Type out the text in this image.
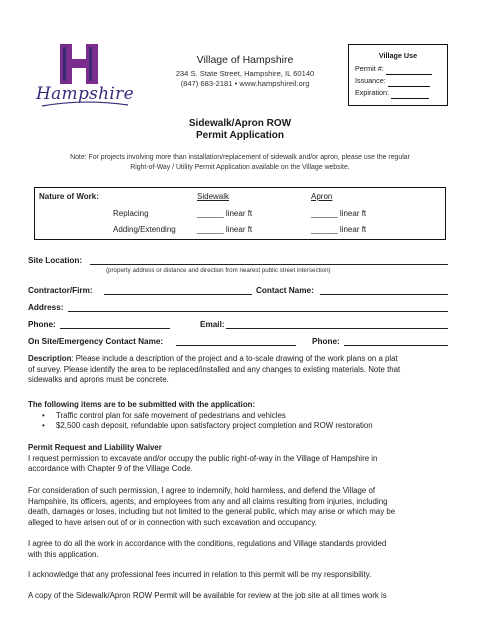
Hampshire
Village of Hampshire
234 S. State Street, Hampshire, IL 60140
(847) 683-2181 • www.hampshireil.org
Village Use
Permit #:
Issuance:
Expiration:
Sidewalk/Apron ROW
Permit Application
Note: For projects involving more than installation/replacement of sidewalk and/or apron, please use the regular
Right-of-Way / Utility Permit Application available on the Village website.
Nature of Work:	Sidewalk	Apron
Replacing	______ linear ft	______ linear ft
Adding/Extending	______ linear ft	______ linear ft
Site Location:
(property address or distance and direction from nearest public street intersection)
Contractor/Firm:	Contact Name:
Address:
Phone:	Email:
On Site/Emergency Contact Name:	Phone:
Description: Please include a description of the project and a to-scale drawing of the work plans on a plat
of survey. Please identify the area to be replaced/installed and any changes to existing materials. Note that
sidewalks and aprons must be concrete.
The following items are to be submitted with the application:
• Traffic control plan for safe movement of pedestrians and vehicles
• $2,500 cash deposit, refundable upon satisfactory project completion and ROW restoration
Permit Request and Liability Waiver
I request permission to excavate and/or occupy the public right-of-way in the Village of Hampshire in
accordance with Chapter 9 of the Village Code.
For consideration of such permission, I agree to indemnify, hold harmless, and defend the Village of
Hampshire, its officers, agents, and employees from any and all claims resulting from injuries, including
death, damages or loses, including but not limited to the general public, which may arise or which may be
alleged to have arisen out of or in connection with such excavation and occupancy.
I agree to do all the work in accordance with the conditions, regulations and Village standards provided
with this application.
I acknowledge that any professional fees incurred in relation to this permit will be my responsibility.
A copy of the Sidewalk/Apron ROW Permit will be available for review at the job site at all times work is
